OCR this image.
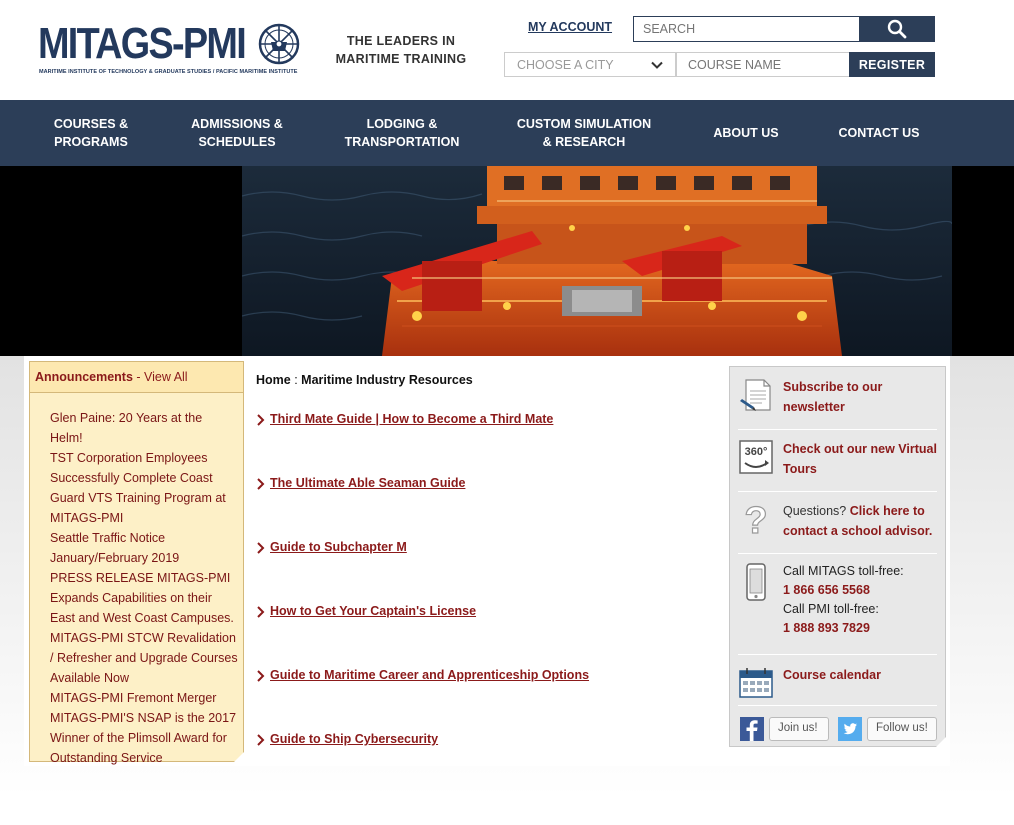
MITAGS-PMI
MARITIME INSTITUTE OF TECHNOLOGY & GRADUATE STUDIES / PACIFIC MARITIME INSTITUTE
THE LEADERS IN MARITIME TRAINING
MY ACCOUNT
SEARCH
CHOOSE A CITY
COURSE NAME	REGISTER
COURSES &
PROGRAMS
ADMISSIONS &
SCHEDULES
LODGING &
TRANSPORTATION
CUSTOM SIMULATION
& RESEARCH
ABOUT US	CONTACT US
Announcements - View All
Glen Paine: 20 Years at the Helm!
TST Corporation Employees Successfully Complete Coast Guard VTS Training Program at MITAGS-PMI
Seattle Traffic Notice January/February 2019
PRESS RELEASE MITAGS-PMI Expands Capabilities on their East and West Coast Campuses.
MITAGS-PMI STCW Revalidation / Refresher and Upgrade Courses Available Now
MITAGS-PMI Fremont Merger
MITAGS-PMI'S NSAP is the 2017 Winner of the Plimsoll Award for Outstanding Service
Home : Maritime Industry Resources
Third Mate Guide | How to Become a Third Mate
The Ultimate Able Seaman Guide
Guide to Subchapter M
How to Get Your Captain's License
Guide to Maritime Career and Apprenticeship Options
Guide to Ship Cybersecurity
Subscribe to our newsletter
360° Check out our new Virtual Tours
? Questions? Click here to contact a school advisor.
Call MITAGS toll-free:
1 866 656 5568
Call PMI toll-free:
1 888 893 7829
Course calendar
Join us!	Follow us!
